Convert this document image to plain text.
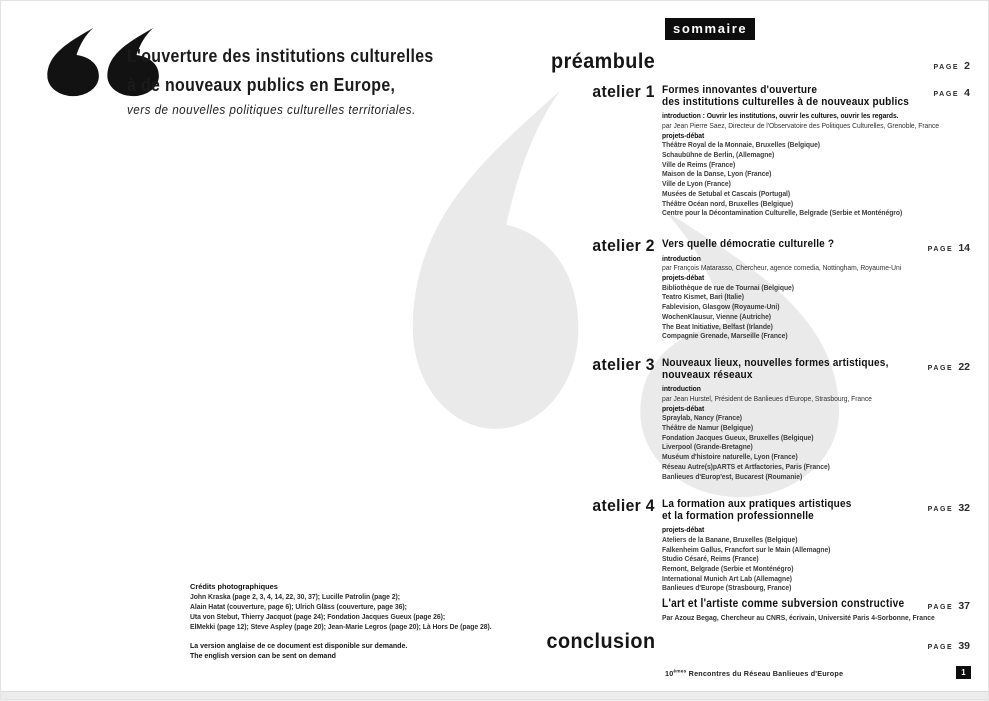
L'ouverture des institutions culturelles
à de nouveaux publics en Europe,
vers de nouvelles politiques culturelles territoriales.
sommaire
préambule	PAGE 2
atelier 1	PAGE 4
Formes innovantes d'ouverture
des institutions culturelles à de nouveaux publics
introduction : Ouvrir les institutions, ouvrir les cultures, ouvrir les regards.
par Jean Pierre Saez, Directeur de l'Observatoire des Politiques Culturelles, Grenoble, France
projets-débat
Théâtre Royal de la Monnaie, Bruxelles (Belgique)
Schaubühne de Berlin, (Allemagne)
Ville de Reims (France)
Maison de la Danse, Lyon (France)
Ville de Lyon (France)
Musées de Setubal et Cascais (Portugal)
Théâtre Océan nord, Bruxelles (Belgique)
Centre pour la Décontamination Culturelle, Belgrade (Serbie et Monténégro)
atelier 2	PAGE 14
Vers quelle démocratie culturelle ?
introduction
par François Matarasso, Chercheur, agence comedia, Nottingham, Royaume-Uni
projets-débat
Bibliothèque de rue de Tournai (Belgique)
Teatro Kismet, Bari (Italie)
Fablevision, Glasgow (Royaume-Uni)
WochenKlausur, Vienne (Autriche)
The Beat Initiative, Belfast (Irlande)
Compagnie Grenade, Marseille (France)
atelier 3	PAGE 22
Nouveaux lieux, nouvelles formes artistiques,
nouveaux réseaux
introduction
par Jean Hurstel, Président de Banlieues d'Europe, Strasbourg, France
projets-débat
Spraylab, Nancy (France)
Théâtre de Namur (Belgique)
Fondation Jacques Gueux, Bruxelles (Belgique)
Liverpool (Grande-Bretagne)
Muséum d'histoire naturelle, Lyon (France)
Réseau Autre(s)pARTS et Artfactories, Paris (France)
Banlieues d'Europ'est, Bucarest (Roumanie)
atelier 4	PAGE 32
La formation aux pratiques artistiques
et la formation professionnelle
projets-débat
Ateliers de la Banane, Bruxelles (Belgique)
Falkenheim Gallus, Francfort sur le Main (Allemagne)
Studio Césaré, Reims (France)
Remont, Belgrade (Serbie et Monténégro)
International Munich Art Lab (Allemagne)
Banlieues d'Europe (Strasbourg, France)
PAGE 37
L'art et l'artiste comme subversion constructive
Par Azouz Begag, Chercheur au CNRS, écrivain, Université Paris 4-Sorbonne, France
conclusion	PAGE 39
Crédits photographiques
John Kraska (page 2, 3, 4, 14, 22, 30, 37); Lucille Patrolin (page 2);
Alain Hatat (couverture, page 6); Ulrich Gläss (couverture, page 36);
Uta von Stebut, Thierry Jacquot (page 24); Fondation Jacques Gueux (page 26);
ElMekki (page 12); Steve Aspley (page 20); Jean-Marie Legros (page 20); Là Hors De (page 28).
La version anglaise de ce document est disponible sur demande.
The english version can be sent on demand
10èmes Rencontres du Réseau Banlieues d'Europe	1
